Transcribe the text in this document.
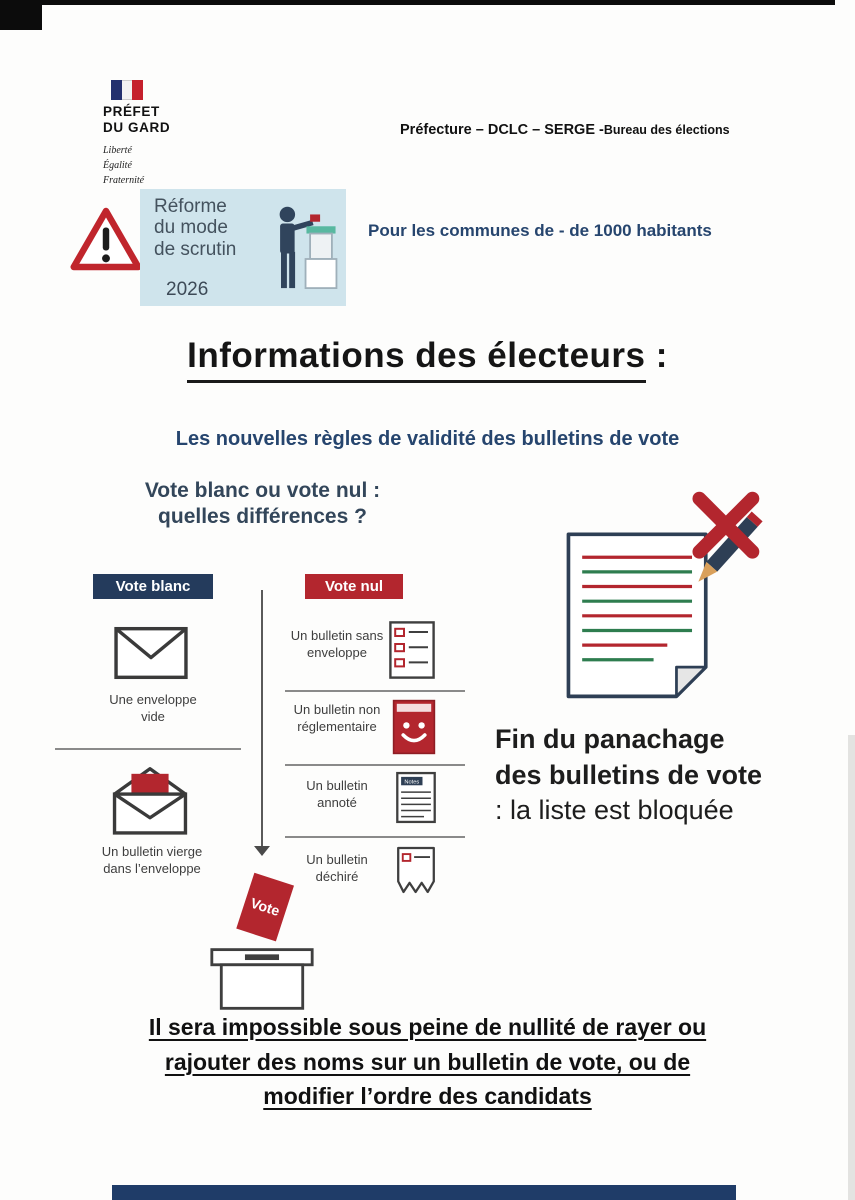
PRÉFET
DU GARD
Liberté
Égalité
Fraternité
Préfecture – DCLC – SERGE -Bureau des élections
Réforme
du mode
de scrutin
2026
Pour les communes de - de 1000 habitants
Informations des électeurs :
Les nouvelles règles de validité des bulletins de vote
Vote blanc ou vote nul :
quelles différences ?
Vote blanc	Vote nul
Une enveloppe vide
Un bulletin vierge dans l’enveloppe
Un bulletin sans enveloppe
Un bulletin non réglementaire
Un bulletin annoté
Notes
Un bulletin déchiré
Vote
Fin du panachage des bulletins de vote : la liste est bloquée
Il sera impossible sous peine de nullité de rayer ou
rajouter des noms sur un bulletin de vote, ou de
modifier l’ordre des candidats
